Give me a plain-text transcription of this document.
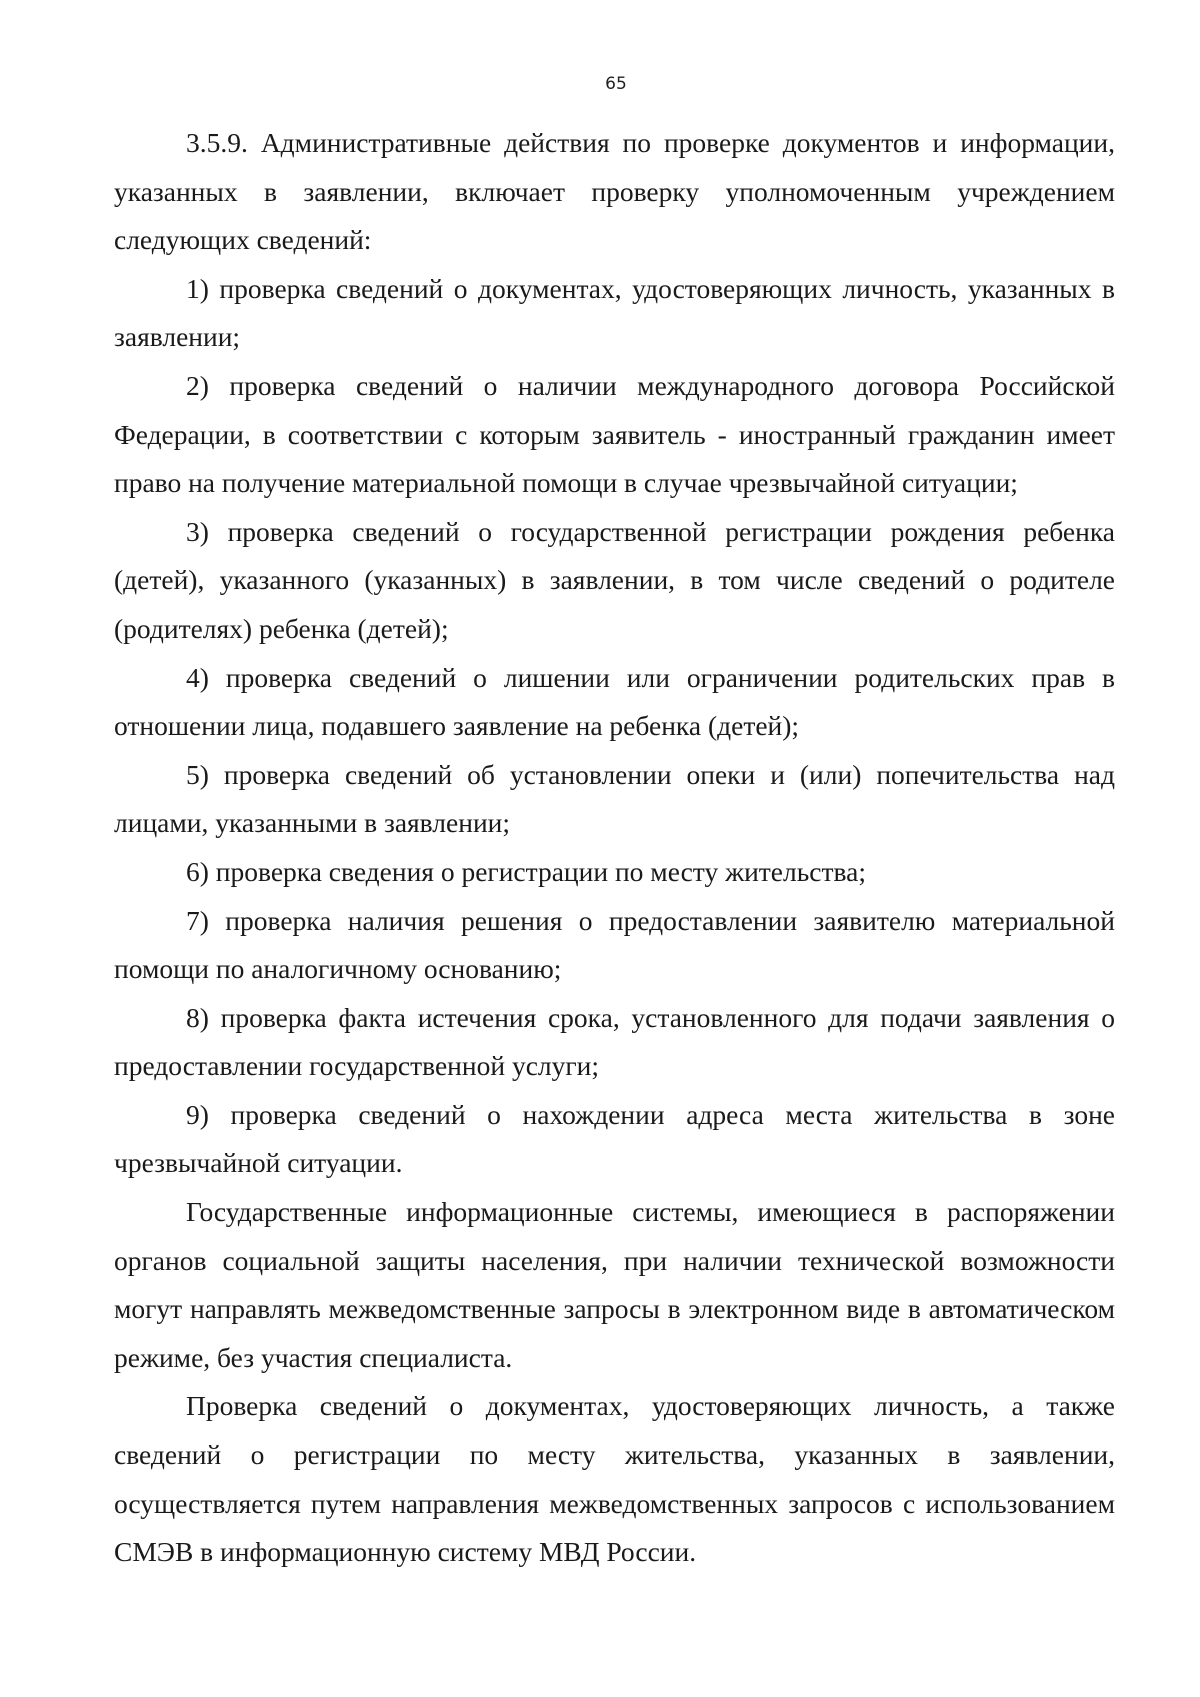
65

3.5.9. Административные действия по проверке документов и информации, указанных в заявлении, включает проверку уполномоченным учреждением следующих сведений:

1) проверка сведений о документах, удостоверяющих личность, указанных в заявлении;

2) проверка сведений о наличии международного договора Российской Федерации, в соответствии с которым заявитель - иностранный гражданин имеет право на получение материальной помощи в случае чрезвычайной ситуации;

3) проверка сведений о государственной регистрации рождения ребенка (детей), указанного (указанных) в заявлении, в том числе сведений о родителе (родителях) ребенка (детей);

4) проверка сведений о лишении или ограничении родительских прав в отношении лица, подавшего заявление на ребенка (детей);

5) проверка сведений об установлении опеки и (или) попечительства над лицами, указанными в заявлении;

6) проверка сведения о регистрации по месту жительства;

7) проверка наличия решения о предоставлении заявителю материальной помощи по аналогичному основанию;

8) проверка факта истечения срока, установленного для подачи заявления о предоставлении государственной услуги;

9) проверка сведений о нахождении адреса места жительства в зоне чрезвычайной ситуации.

Государственные информационные системы, имеющиеся в распоряжении органов социальной защиты населения, при наличии технической возможности могут направлять межведомственные запросы в электронном виде в автоматическом режиме, без участия специалиста.

Проверка сведений о документах, удостоверяющих личность, а также сведений о регистрации по месту жительства, указанных в заявлении, осуществляется путем направления межведомственных запросов с использованием СМЭВ в информационную систему МВД России.
